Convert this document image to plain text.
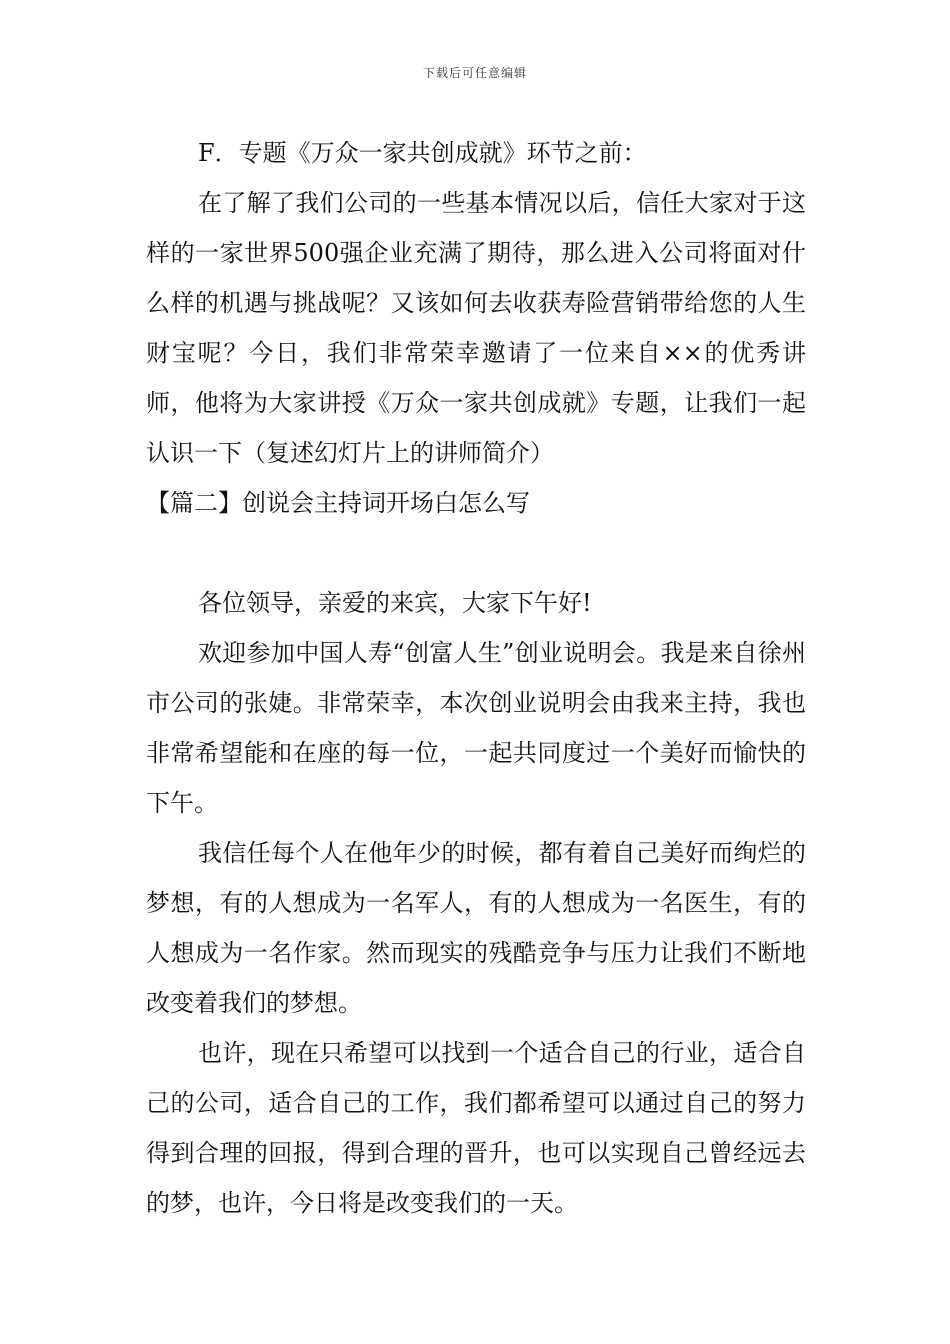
下载后可任意编辑

F．专题《万众一家共创成就》环节之前：

在了解了我们公司的一些基本情况以后，信任大家对于这样的一家世界500强企业充满了期待，那么进入公司将面对什么样的机遇与挑战呢？又该如何去收获寿险营销带给您的人生财宝呢？今日，我们非常荣幸邀请了一位来自××的优秀讲师，他将为大家讲授《万众一家共创成就》专题，让我们一起认识一下（复述幻灯片上的讲师简介）

【篇二】创说会主持词开场白怎么写

各位领导，亲爱的来宾，大家下午好!

欢迎参加中国人寿“创富人生”创业说明会。我是来自徐州市公司的张婕。非常荣幸，本次创业说明会由我来主持，我也非常希望能和在座的每一位，一起共同度过一个美好而愉快的下午。

我信任每个人在他年少的时候，都有着自己美好而绚烂的梦想，有的人想成为一名军人，有的人想成为一名医生，有的人想成为一名作家。然而现实的残酷竞争与压力让我们不断地改变着我们的梦想。

也许，现在只希望可以找到一个适合自己的行业，适合自己的公司，适合自己的工作，我们都希望可以通过自己的努力得到合理的回报，得到合理的晋升，也可以实现自己曾经远去的梦，也许，今日将是改变我们的一天。
